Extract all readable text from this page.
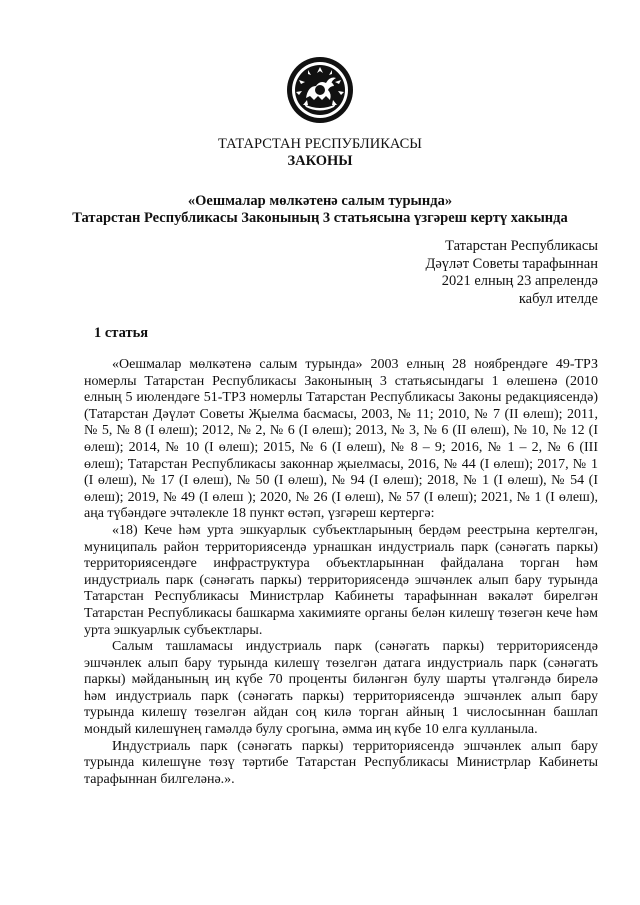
ТАТАРСТАН РЕСПУБЛИКАСЫ
ЗАКОНЫ
«Оешмалар мөлкәтенә салым турында»
Татарстан Республикасы Законының 3 статьясына үзгәреш кертү хакында
Татарстан Республикасы
Дәүләт Советы тарафыннан
2021 елның 23 апрелендә
кабул ителде
1 статья

«Оешмалар мөлкәтенә салым турында» 2003 елның 28 ноябрендәге 49-ТРЗ номерлы Татарстан Республикасы Законының 3 статьясындагы 1 өлешенә (2010 елның 5 июлендәге 51-ТРЗ номерлы Татарстан Республикасы Законы редакциясендә) (Татарстан Дәүләт Советы Җыелма басмасы, 2003, № 11; 2010, № 7 (II өлеш); 2011, № 5, № 8 (I өлеш); 2012, № 2, № 6 (I өлеш); 2013, № 3, № 6 (II өлеш), № 10, № 12 (I өлеш); 2014, № 10 (I өлеш); 2015, № 6 (I өлеш), № 8 – 9; 2016, № 1 – 2, № 6 (III өлеш); Татарстан Республикасы законнар җыелмасы, 2016, № 44 (I өлеш); 2017, № 1 (I өлеш), № 17 (I өлеш), № 50 (I өлеш), № 94 (I өлеш); 2018, № 1 (I өлеш), № 54 (I өлеш); 2019, № 49 (I өлеш ); 2020, № 26 (I өлеш), № 57 (I өлеш); 2021, № 1 (I өлеш), аңа түбәндәге эчтәлекле 18 пункт өстәп, үзгәреш кертергә:

«18) Кече һәм урта эшкуарлык субъектларының бердәм реестрына кертелгән, муниципаль район территориясендә урнашкан индустриаль парк (сәнәгать паркы) территориясендәге инфраструктура объектларыннан файдалана торган һәм индустриаль парк (сәнәгать паркы) территориясендә эшчәнлек алып бару турында Татарстан Республикасы Министрлар Кабинеты тарафыннан вәкаләт бирелгән Татарстан Республикасы башкарма хакимияте органы белән килешү төзегән кече һәм урта эшкуарлык субъектлары.

Салым ташламасы индустриаль парк (сәнәгать паркы) территориясендә эшчәнлек алып бару турында килешү төзелгән датага индустриаль парк (сәнәгать паркы) мәйданының иң күбе 70 проценты биләнгән булу шарты үтәлгәндә бирелә һәм индустриаль парк (сәнәгать паркы) территориясендә эшчәнлек алып бару турында килешү төзелгән айдан соң килә торган айның 1 числосыннан башлап мондый килешүнең гамәлдә булу срогына, әмма иң күбе 10 елга кулланыла.

Индустриаль парк (сәнәгать паркы) территориясендә эшчәнлек алып бару турында килешүне төзү тәртибе Татарстан Республикасы Министрлар Кабинеты тарафыннан билгеләнә.».
